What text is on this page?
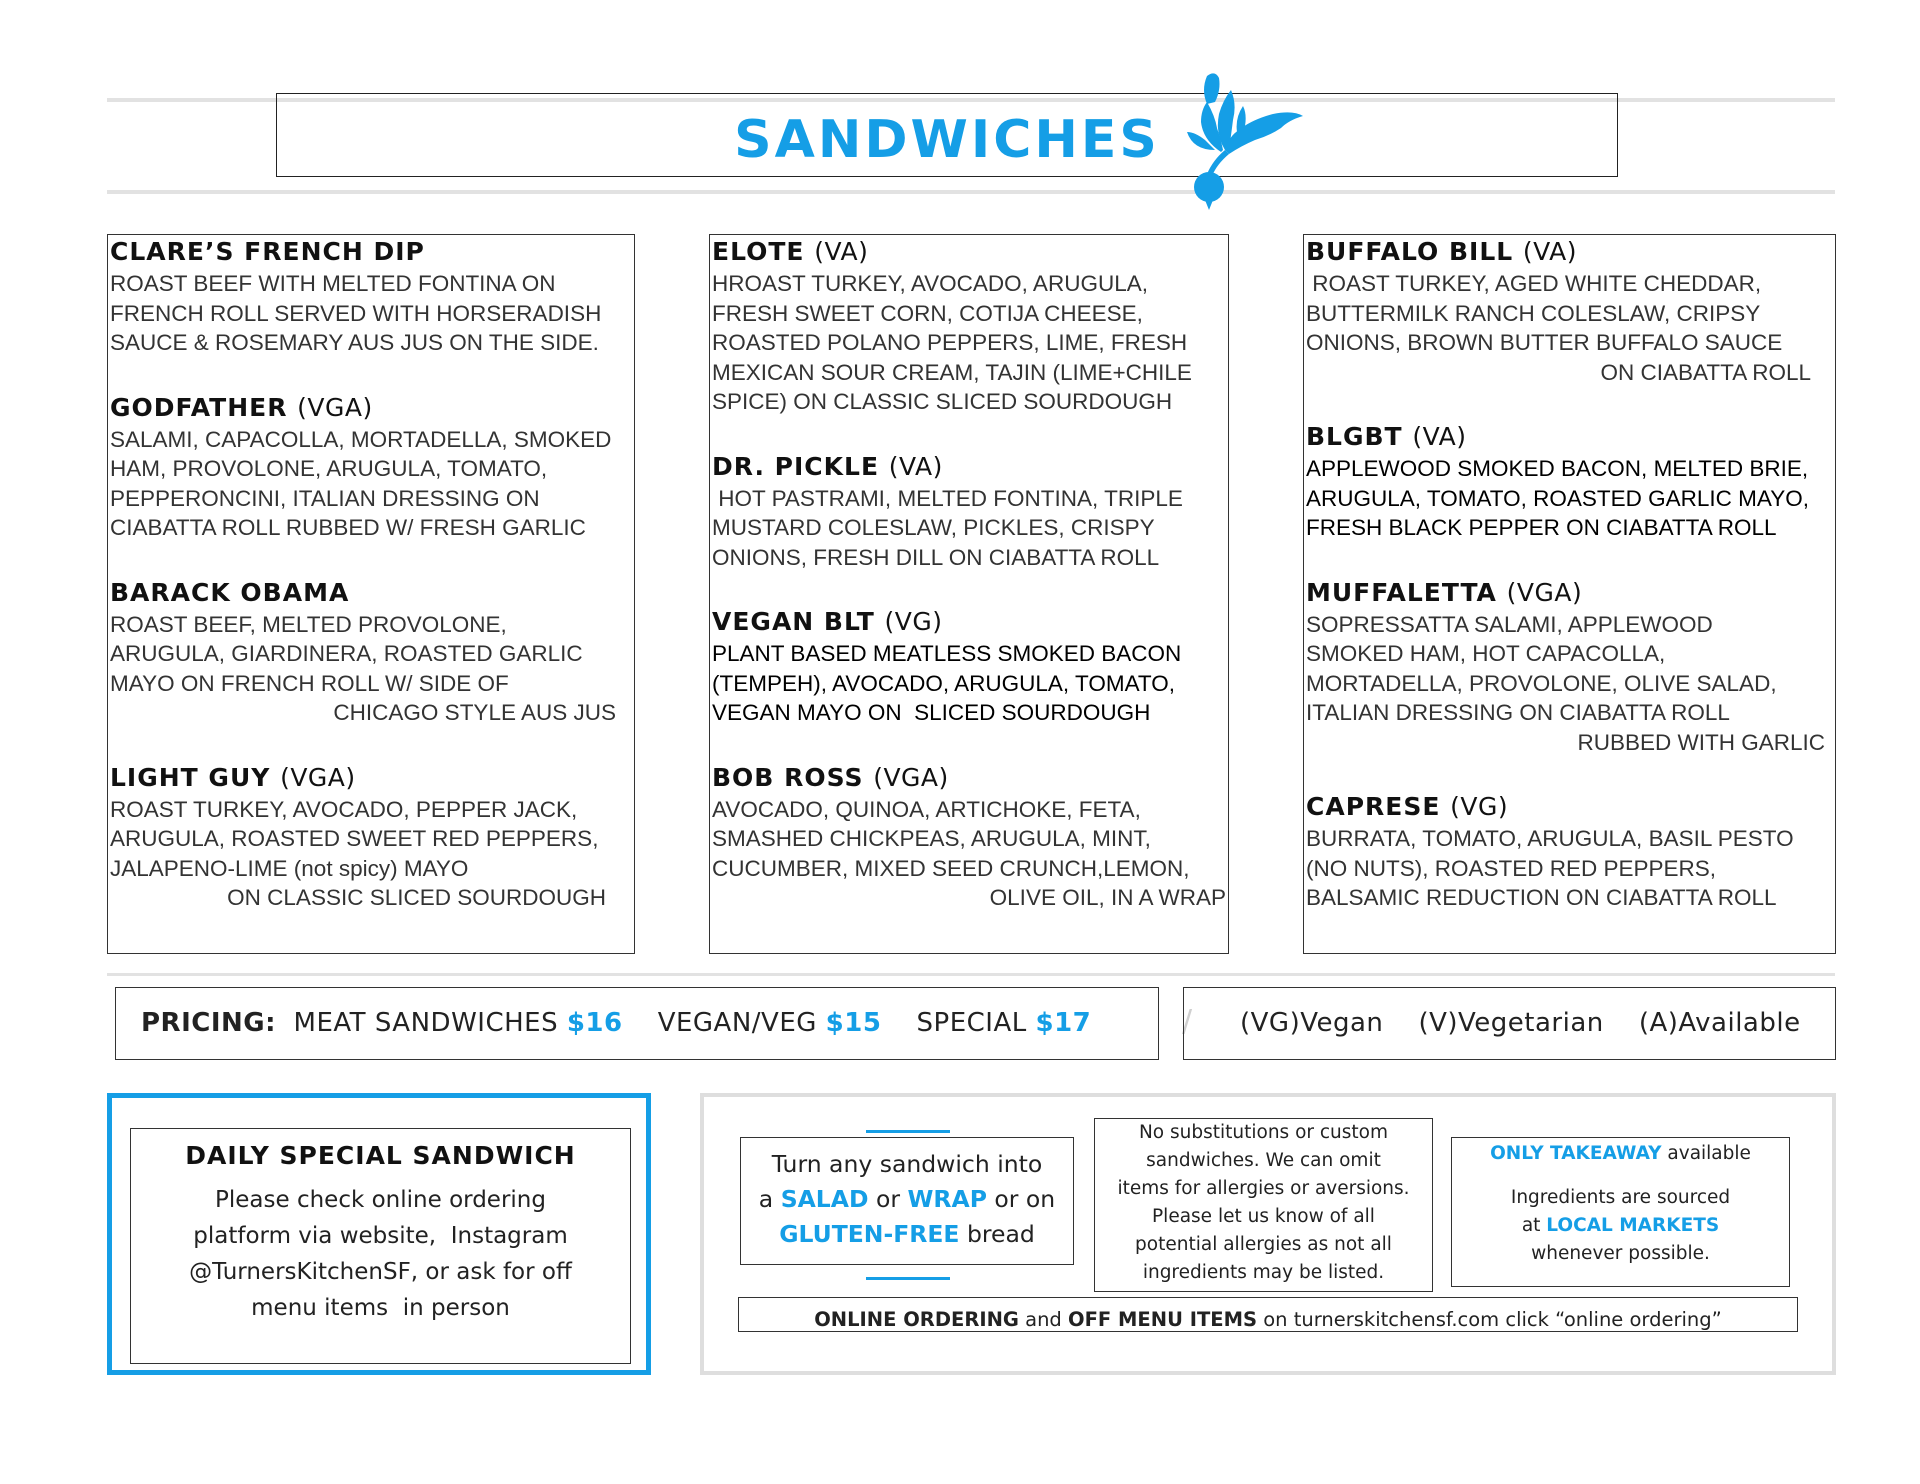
SANDWICHES
CLARE’S FRENCH DIP
ROAST BEEF WITH MELTED FONTINA ON
FRENCH ROLL SERVED WITH HORSERADISH
SAUCE & ROSEMARY AUS JUS ON THE SIDE.
GODFATHER (VGA)
SALAMI, CAPACOLLA, MORTADELLA, SMOKED
HAM, PROVOLONE, ARUGULA, TOMATO,
PEPPERONCINI, ITALIAN DRESSING ON
CIABATTA ROLL RUBBED W/ FRESH GARLIC
BARACK OBAMA
ROAST BEEF, MELTED PROVOLONE,
ARUGULA, GIARDINERA, ROASTED GARLIC
MAYO ON FRENCH ROLL W/ SIDE OF
CHICAGO STYLE AUS JUS
LIGHT GUY (VGA)
ROAST TURKEY, AVOCADO, PEPPER JACK,
ARUGULA, ROASTED SWEET RED PEPPERS,
JALAPENO-LIME (not spicy) MAYO
ON CLASSIC SLICED SOURDOUGH
ELOTE (VA)
HROAST TURKEY, AVOCADO, ARUGULA,
FRESH SWEET CORN, COTIJA CHEESE,
ROASTED POLANO PEPPERS, LIME, FRESH
MEXICAN SOUR CREAM, TAJIN (LIME+CHILE
SPICE) ON CLASSIC SLICED SOURDOUGH
DR. PICKLE (VA)
HOT PASTRAMI, MELTED FONTINA, TRIPLE
MUSTARD COLESLAW, PICKLES, CRISPY
ONIONS, FRESH DILL ON CIABATTA ROLL
VEGAN BLT (VG)
PLANT BASED MEATLESS SMOKED BACON
(TEMPEH), AVOCADO, ARUGULA, TOMATO,
VEGAN MAYO ON  SLICED SOURDOUGH
BOB ROSS (VGA)
AVOCADO, QUINOA, ARTICHOKE, FETA,
SMASHED CHICKPEAS, ARUGULA, MINT,
CUCUMBER, MIXED SEED CRUNCH,LEMON,
OLIVE OIL, IN A WRAP
BUFFALO BILL (VA)
ROAST TURKEY, AGED WHITE CHEDDAR,
BUTTERMILK RANCH COLESLAW, CRIPSY
ONIONS, BROWN BUTTER BUFFALO SAUCE
ON CIABATTA ROLL
BLGBT (VA)
APPLEWOOD SMOKED BACON, MELTED BRIE,
ARUGULA, TOMATO, ROASTED GARLIC MAYO,
FRESH BLACK PEPPER ON CIABATTA ROLL
MUFFALETTA (VGA)
SOPRESSATTA SALAMI, APPLEWOOD
SMOKED HAM, HOT CAPACOLLA,
MORTADELLA, PROVOLONE, OLIVE SALAD,
ITALIAN DRESSING ON CIABATTA ROLL
RUBBED WITH GARLIC
CAPRESE (VG)
BURRATA, TOMATO, ARUGULA, BASIL PESTO
(NO NUTS), ROASTED RED PEPPERS,
BALSAMIC REDUCTION ON CIABATTA ROLL
PRICING: MEAT SANDWICHES $16 VEGAN/VEG $15 SPECIAL $17	/ (VG)Vegan (V)Vegetarian (A)Available
DAILY SPECIAL SANDWICH
Please check online ordering
platform via website,  Instagram
@TurnersKitchenSF, or ask for off
menu items  in person
Turn any sandwich into
a SALAD or WRAP or on
GLUTEN-FREE bread
No substitutions or custom
sandwiches. We can omit
items for allergies or aversions.
Please let us know of all
potential allergies as not all
ingredients may be listed.
ONLY TAKEAWAY available
Ingredients are sourced
at LOCAL MARKETS
whenever possible.
ONLINE ORDERING and OFF MENU ITEMS on turnerskitchensf.com click “online ordering”
